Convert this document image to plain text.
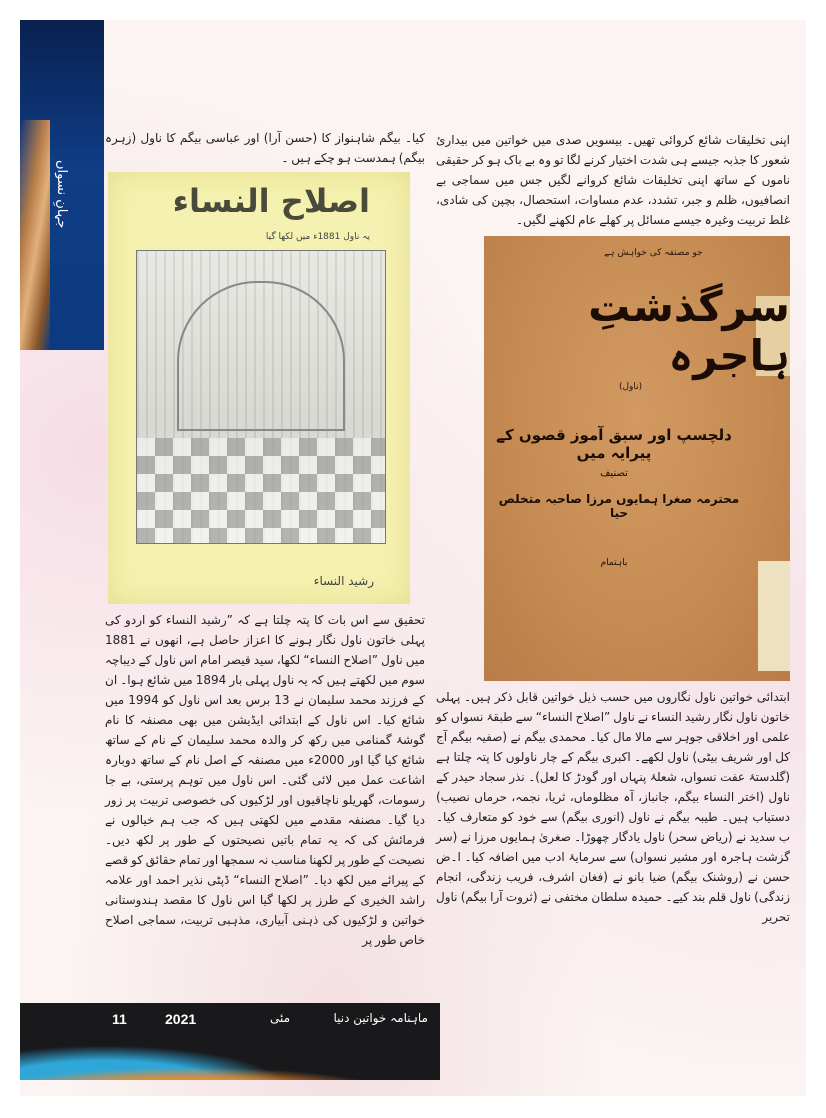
جہانِ نسواں
اپنی تخلیقات شائع کروائی تھیں۔ بیسویں صدی میں خواتین میں بیداریٔشعور کا جذبہ جیسے ہی شدت اختیار کرنے لگا تو وہ بے باک ہو کر حقیقی ناموںکے ساتھ اپنی تخلیقات شائع کروانے لگیں جس میں سماجی بے انصافیوں، ظلمو جبر، تشدد، عدم مساوات، استحصال، بچپن کی شادی، غلط تربیت وغیرہ جیسےمسائل پر کھلے عام لکھنے لگیں۔
جو مصنفہ کی خواہش ہے
سرگذشتِ ہاجرہ
(ناول)
دلچسپ اور سبق آموز قصوں کے پیرایہ میں
تصنیف
محترمہ صغرا ہمایوں مرزا صاحبہ متخلص حیا
باہتمام
ابتدائی خواتین ناول نگاروں میں حسب ذیل خواتین قابل ذکرہیں۔ پہلی خاتون ناول نگار رشید النساء نے ناول ”اصلاح النساء“ سے طبقۂنسواں کو علمی اور اخلاقی جوہر سے مالا مال کیا۔ محمدی بیگم نے (صفیہ بیگمآج کل اور شریف بیٹی) ناول لکھے۔ اکبری بیگم کے چار ناولوں کا پتہ چلتاہے (گلدستۂ عفت نسواں، شعلۂ پنہاں اور گودڑ کا لعل)۔ نذر سجاد حیدر کےناول (اختر النساء بیگم، جانباز، آہ مظلوماں، ثریا، نجمہ، حرماں نصیب)دستیاب ہیں۔ طیبہ بیگم نے ناول (انوری بیگم) سے خود کو متعارف کیا۔ بسدید نے (ریاض سحر) ناول یادگار چھوڑا۔ صغریٰ ہمایوں مرزا نے (سرگزشت ہاجرہ اور مشیر نسواں) سے سرمایۂ ادب میں اضافہ کیا۔ ا۔ض حسننے (روشنک بیگم) ضیا بانو نے (فغان اشرف، فریب زندگی، انجامزندگی) ناول قلم بند کیے۔ حمیدہ سلطان مختفی نے (ثروت آرا بیگم) ناول تحریر
کیا۔ بیگم شاہنواز کا (حسن آرا) اور عباسی بیگم کا ناول (زہرہ بیگم) ہمدستہو چکے ہیں ۔
اصلاح النساء
یہ ناول 1881ء میں لکھا گیا
رشید النساء
تحقیق سے اس بات کا پتہ چلتا ہے کہ ”رشید النساء کو اردو کی پہلیخاتون ناول نگار ہونے کا اعزاز حاصل ہے، انھوں نے 1881 میں ناول”اصلاح النساء“ لکھا، سید قیصر امام اس ناول کے دیباچہ سوم میں لکھتے ہیںکہ یہ ناول پہلی بار 1894 میں شائع ہوا۔ ان کے فرزند محمد سلیمان نے13 برس بعد اس ناول کو 1994 میں شائع کیا۔ اس ناول کے ابتدائیایڈیشن میں بھی مصنفہ کا نام گوشۂ گمنامی میں رکھ کر والدہ محمد سلیمان کے نامکے ساتھ شائع کیا گیا اور 2000ء میں مصنفہ کے اصل نام کے ساتھدوبارہ اشاعت عمل میں لائی گئی۔ اس ناول میں توہم پرستی، بے جارسومات، گھریلو ناچاقیوں اور لڑکیوں کی خصوصی تربیت پر زور دیاگیا۔ مصنفہ مقدمے میں لکھتی ہیں کہ جب ہم خیالوں نے فرمائش کی کہ یہتمام باتیں نصیحتوں کے طور پر لکھ دیں۔ نصیحت کے طور پر لکھنا مناسب نہسمجھا اور تمام حقائق کو قصے کے پیرائے میں لکھ دیا۔ ”اصلاح النساء“ ڈپٹینذیر احمد اور علامہ راشد الخیری کے طرز پر لکھا گیا اس ناول کا مقصد ہندوستانیخواتین و لڑکیوں کی ذہنی آبیاری، مذہبی تربیت، سماجی اصلاح خاص طور پر
ماہنامہ خواتین دنیا
مئی
2021
11
